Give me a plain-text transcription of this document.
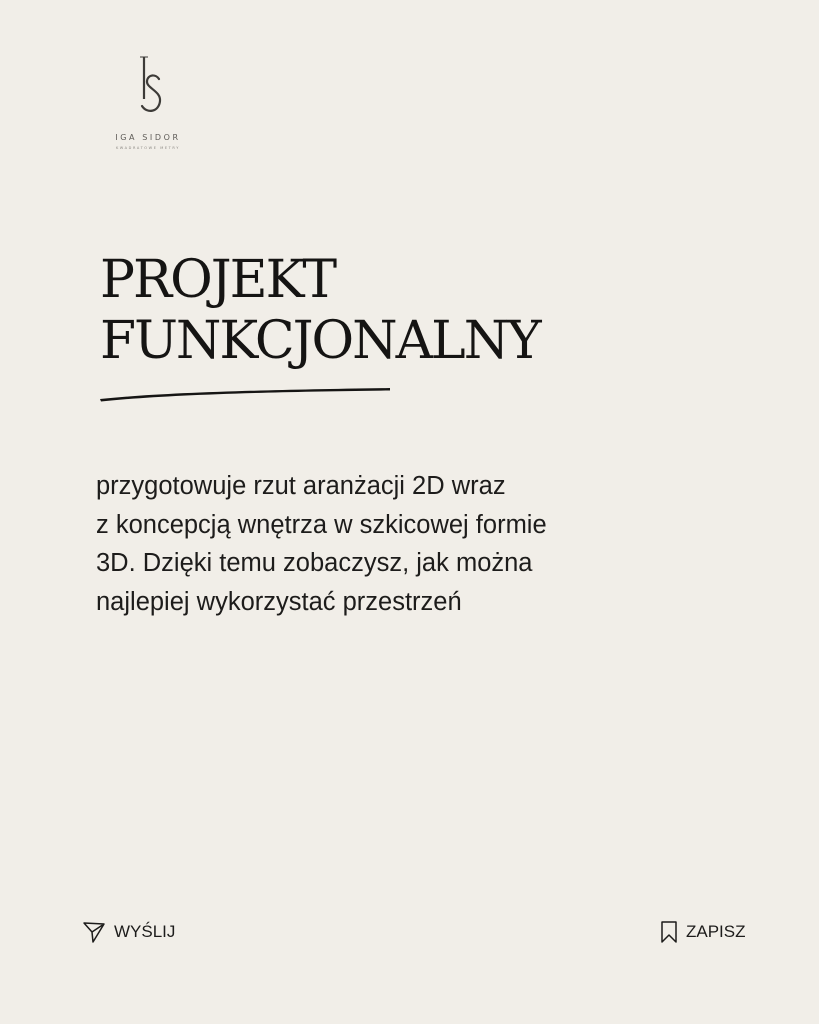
IGA SIDOR
KWADRATOWE METRY
PROJEKT
FUNKCJONALNY

przygotowuje rzut aranżacji 2D wraz
z koncepcją wnętrza w szkicowej formie
3D. Dzięki temu zobaczysz, jak można
najlepiej wykorzystać przestrzeń

WYŚLIJ	ZAPISZ
